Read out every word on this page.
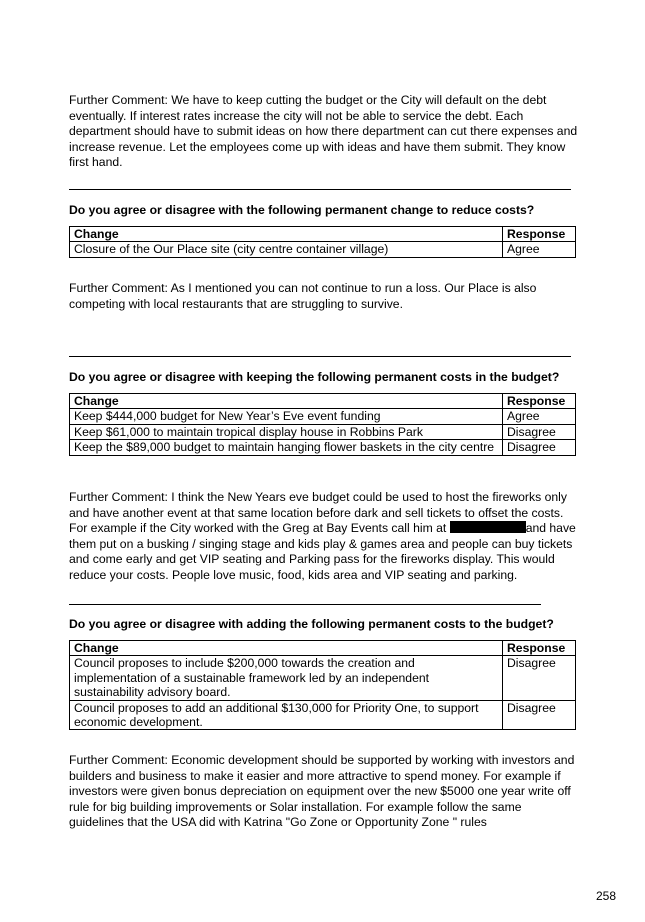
Further Comment: We have to keep cutting the budget or the City will default on the debt eventually. If interest rates increase the city will not be able to service the debt. Each department should have to submit ideas on how there department can cut there expenses and increase revenue. Let the employees come up with ideas and have them submit. They know first hand.

Do you agree or disagree with the following permanent change to reduce costs?

Change	Response
Closure of the Our Place site (city centre container village)	Agree

Further Comment: As I mentioned you can not continue to run a loss. Our Place is also competing with local restaurants that are struggling to survive.

Do you agree or disagree with keeping the following permanent costs in the budget?

Change	Response
Keep $444,000 budget for New Year’s Eve event funding	Agree
Keep $61,000 to maintain tropical display house in Robbins Park	Disagree
Keep the $89,000 budget to maintain hanging flower baskets in the city centre	Disagree

Further Comment: I think the New Years eve budget could be used to host the fireworks only and have another event at that same location before dark and sell tickets to offset the costs. For example if the City worked with the Greg at Bay Events call him at	and have them put on a busking / singing stage and kids play & games area and people can buy tickets and come early and get VIP seating and Parking pass for the fireworks display. This would reduce your costs. People love music, food, kids area and VIP seating and parking.

Do you agree or disagree with adding the following permanent costs to the budget?

Change	Response
Council proposes to include $200,000 towards the creation and implementation of a sustainable framework led by an independent sustainability advisory board.	Disagree
Council proposes to add an additional $130,000 for Priority One, to support economic development.	Disagree

Further Comment: Economic development should be supported by working with investors and builders and business to make it easier and more attractive to spend money. For example if investors were given bonus depreciation on equipment over the new $5000 one year write off rule for big building improvements or Solar installation. For example follow the same guidelines that the USA did with Katrina "Go Zone or Opportunity Zone " rules

258
